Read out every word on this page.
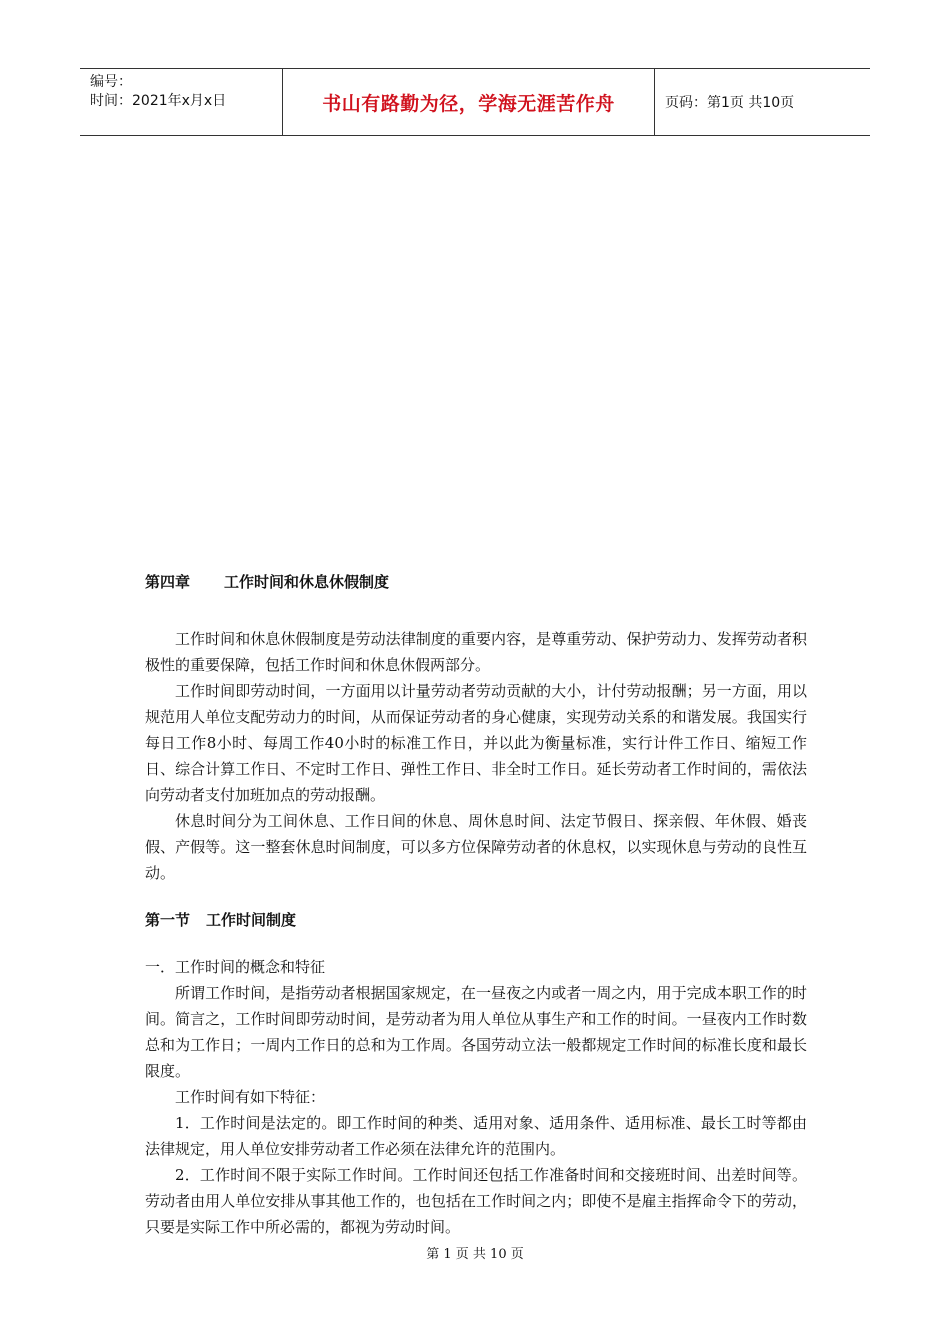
编号：
时间：2021年x月x日	书山有路勤为径，学海无涯苦作舟	页码：第1页 共10页
第四章 工作时间和休息休假制度

工作时间和休息休假制度是劳动法律制度的重要内容，是尊重劳动、保护劳动力、发挥劳动者积极性的重要保障，包括工作时间和休息休假两部分。

工作时间即劳动时间，一方面用以计量劳动者劳动贡献的大小，计付劳动报酬；另一方面，用以规范用人单位支配劳动力的时间，从而保证劳动者的身心健康，实现劳动关系的和谐发展。我国实行每日工作8小时、每周工作40小时的标准工作日，并以此为衡量标准，实行计件工作日、缩短工作日、综合计算工作日、不定时工作日、弹性工作日、非全时工作日。延长劳动者工作时间的，需依法向劳动者支付加班加点的劳动报酬。

休息时间分为工间休息、工作日间的休息、周休息时间、法定节假日、探亲假、年休假、婚丧假、产假等。这一整套休息时间制度，可以多方位保障劳动者的休息权，以实现休息与劳动的良性互动。

第一节 工作时间制度

一．工作时间的概念和特征

所谓工作时间，是指劳动者根据国家规定，在一昼夜之内或者一周之内，用于完成本职工作的时间。简言之，工作时间即劳动时间，是劳动者为用人单位从事生产和工作的时间。一昼夜内工作时数总和为工作日；一周内工作日的总和为工作周。各国劳动立法一般都规定工作时间的标准长度和最长限度。

工作时间有如下特征：

1．工作时间是法定的。即工作时间的种类、适用对象、适用条件、适用标准、最长工时等都由法律规定，用人单位安排劳动者工作必须在法律允许的范围内。

2．工作时间不限于实际工作时间。工作时间还包括工作准备时间和交接班时间、出差时间等。劳动者由用人单位安排从事其他工作的，也包括在工作时间之内；即使不是雇主指挥命令下的劳动，只要是实际工作中所必需的，都视为劳动时间。

第 1 页 共 10 页
